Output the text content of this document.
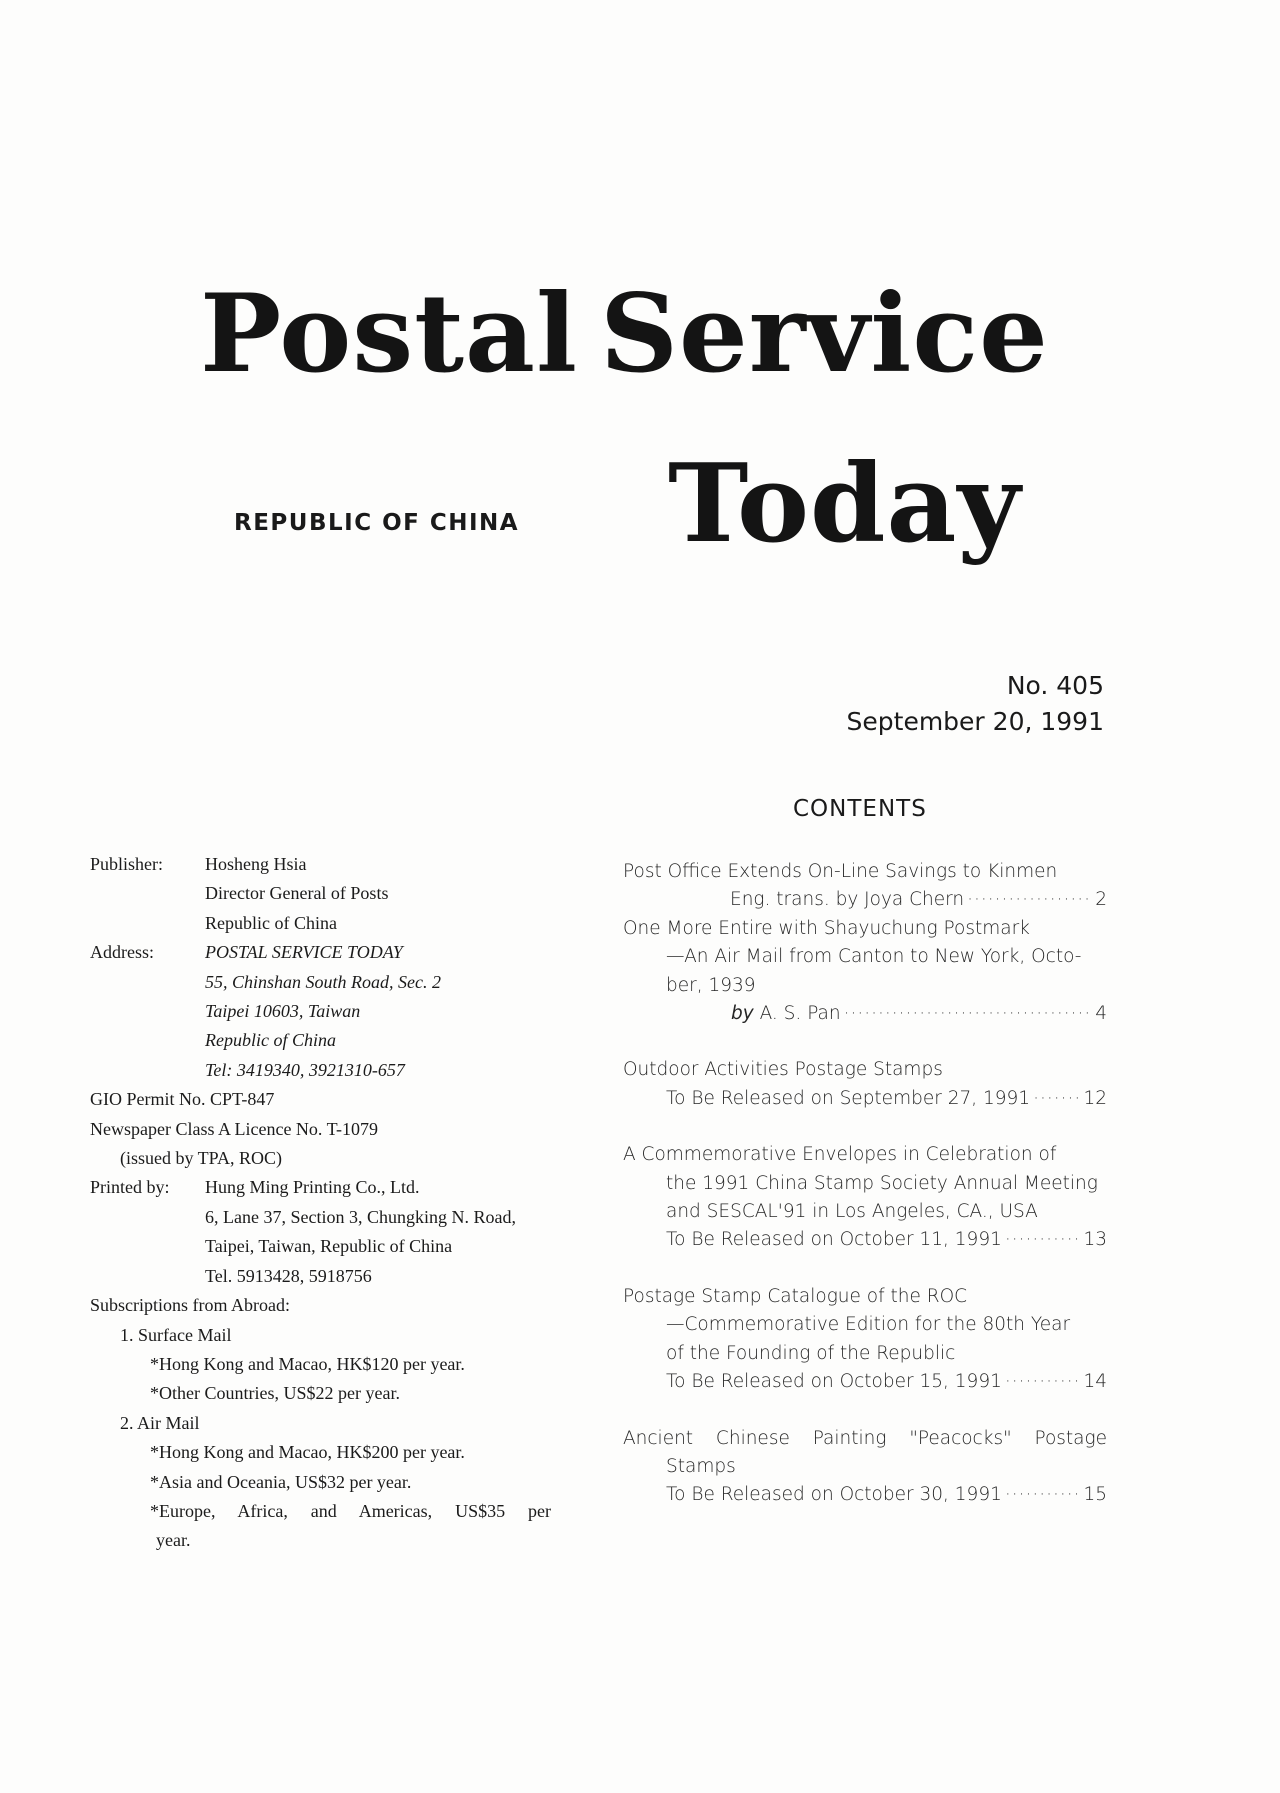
Postal Service
Today
REPUBLIC OF CHINA
No. 405
September 20, 1991
CONTENTS
Publisher:	Hosheng Hsia
Director General of Posts
Republic of China
Address:	POSTAL SERVICE TODAY
55, Chinshan South Road, Sec. 2
Taipei 10603, Taiwan
Republic of China
Tel: 3419340, 3921310-657
GIO Permit No. CPT-847
Newspaper Class A Licence No. T-1079
(issued by TPA, ROC)
Printed by:	Hung Ming Printing Co., Ltd.
6, Lane 37, Section 3, Chungking N. Road,
Taipei, Taiwan, Republic of China
Tel. 5913428, 5918756
Subscriptions from Abroad:
1. Surface Mail
*Hong Kong and Macao, HK$120 per year.
*Other Countries, US$22 per year.
2. Air Mail
*Hong Kong and Macao, HK$200 per year.
*Asia and Oceania, US$32 per year.
*Europe, Africa, and Americas, US$35 per
year.
Post Office Extends On-Line Savings to Kinmen
Eng. trans. by Joya Chern ·····	2
One More Entire with Shayuchung Postmark
—An Air Mail from Canton to New York, Octo-
ber, 1939
by
A. S. Pan ·····	4
Outdoor Activities Postage Stamps
To Be Released on September 27, 1991 ·····	12
A Commemorative Envelopes in Celebration of
the 1991 China Stamp Society Annual Meeting
and SESCAL'91 in Los Angeles, CA., USA
To Be Released on October 11, 1991 ·····	13
Postage Stamp Catalogue of the ROC
—Commemorative Edition for the 80th Year
of the Founding of the Republic
To Be Released on October 15, 1991 ·····	14
Ancient Chinese Painting "Peacocks" Postage
Stamps
To Be Released on October 30, 1991 ·····	15
